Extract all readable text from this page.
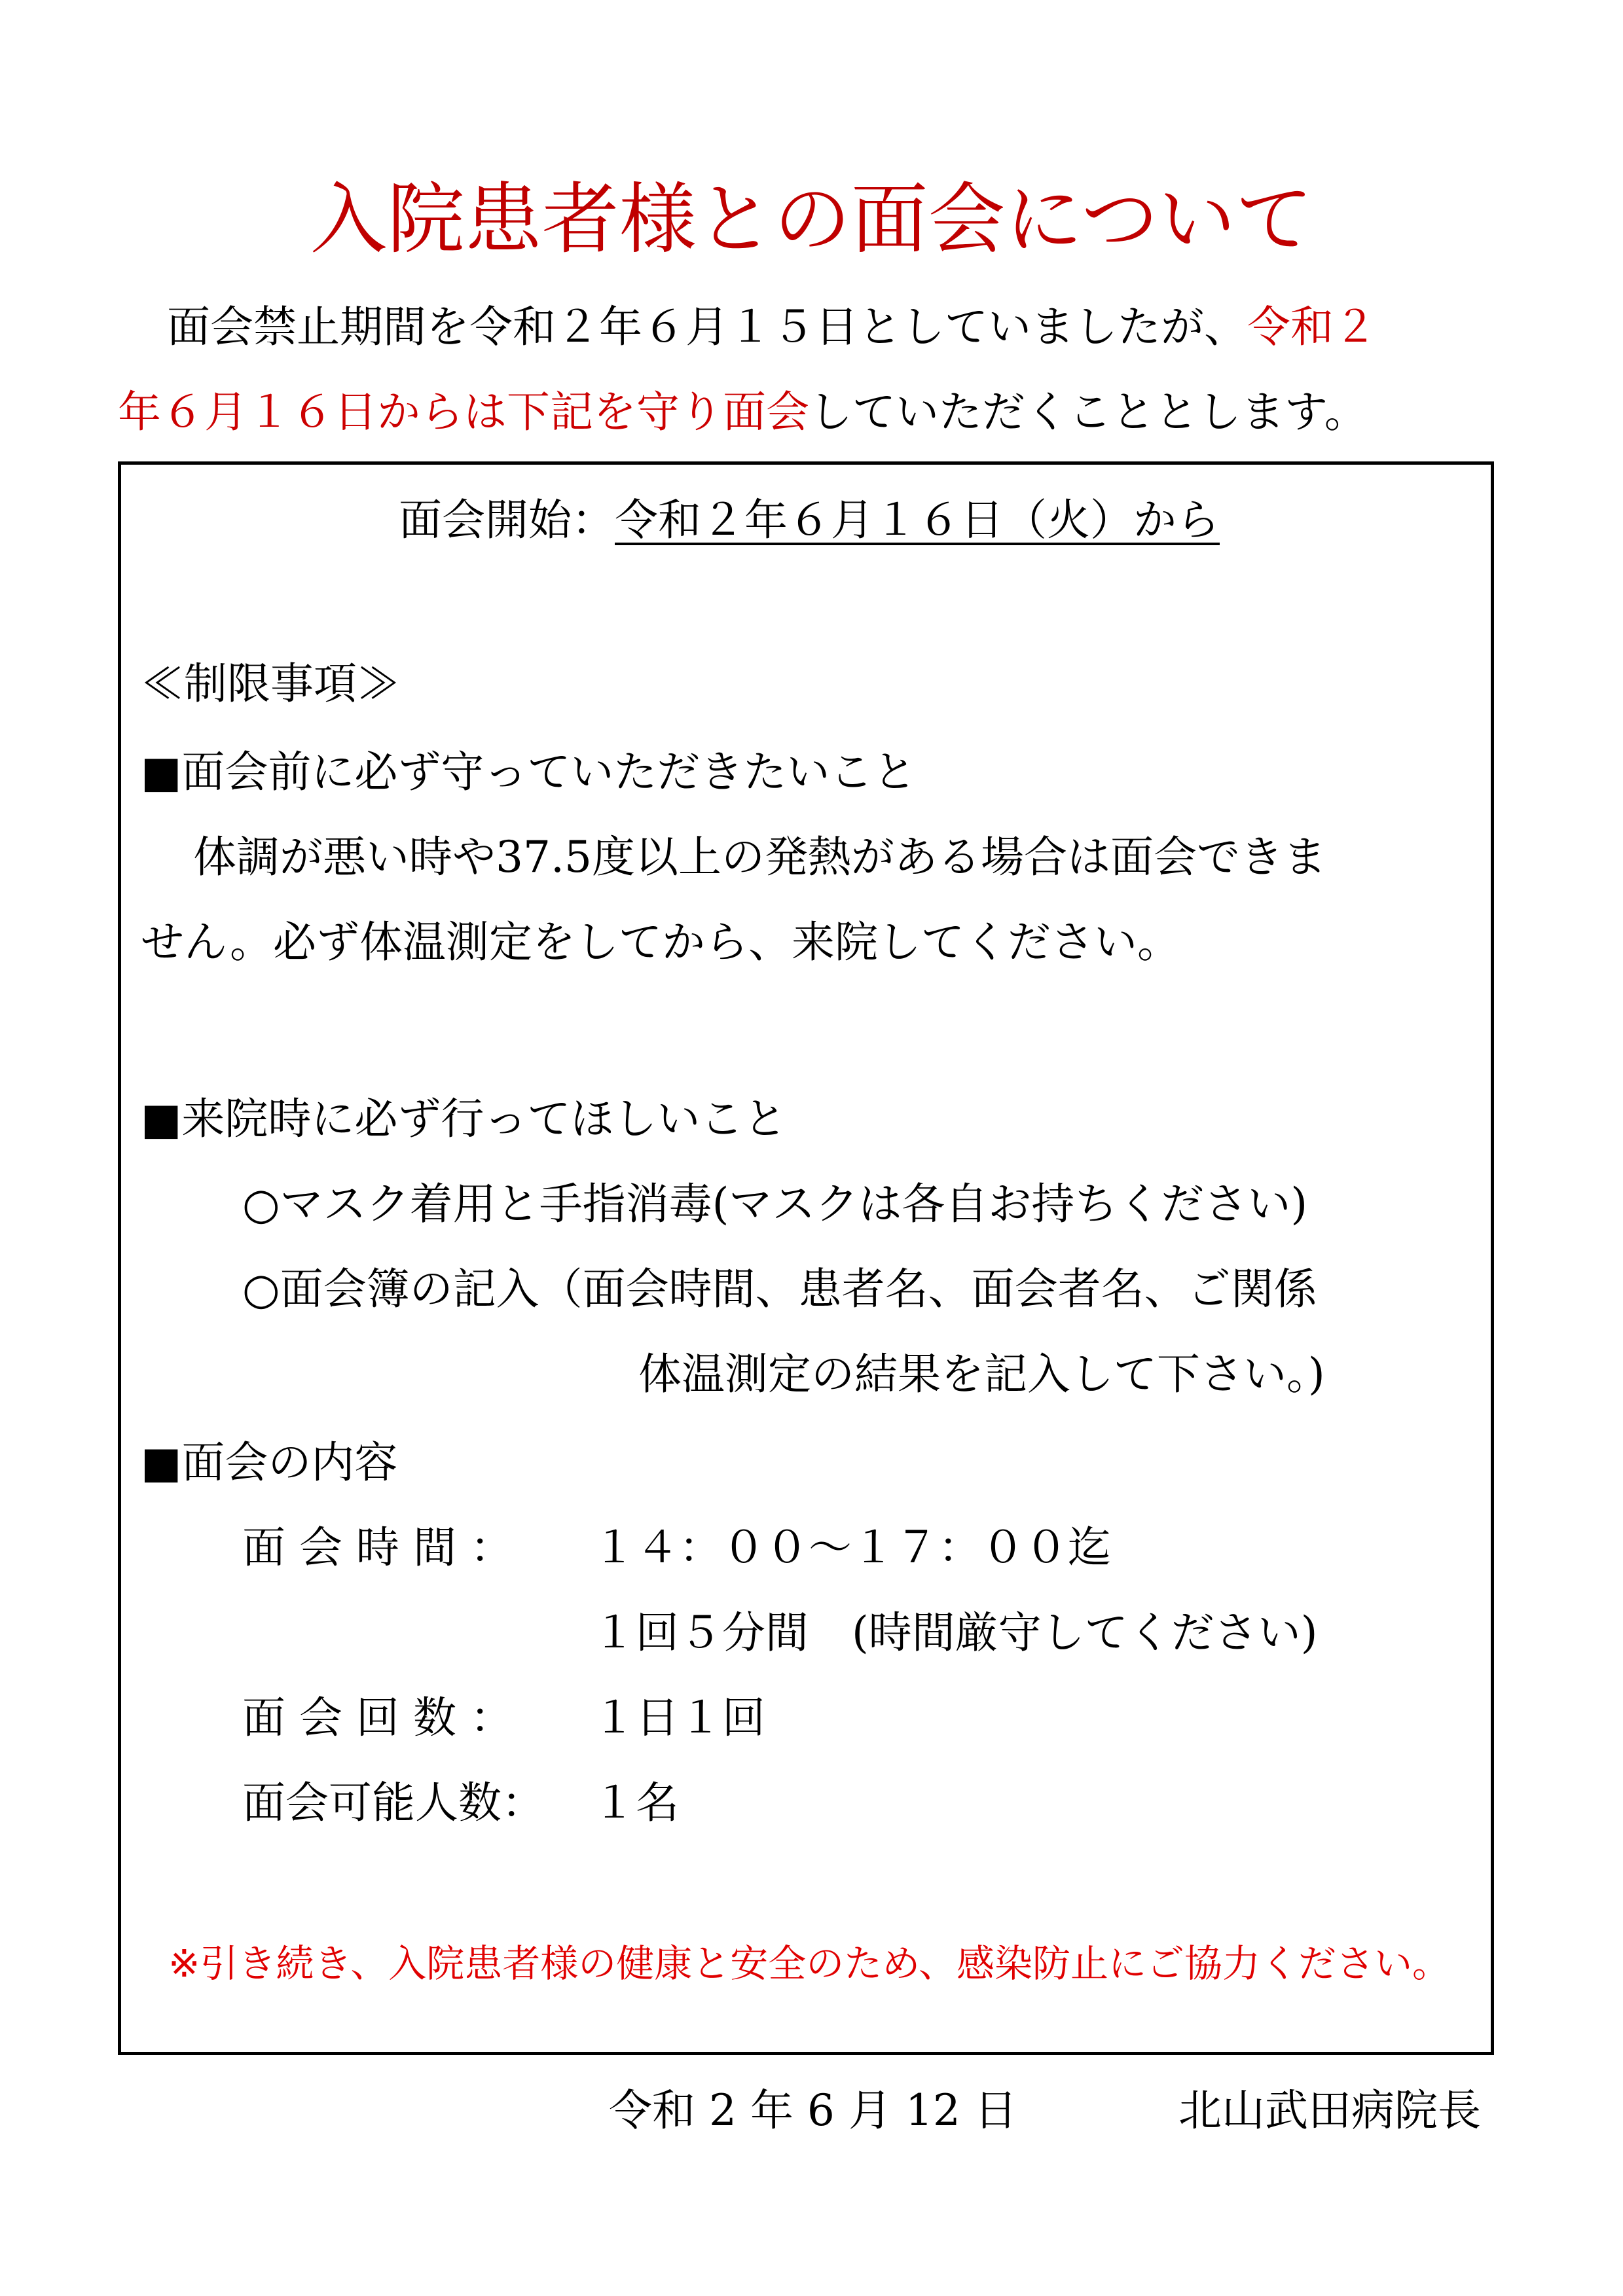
入院患者様との面会について
面会禁止期間を令和２年６月１５日としていましたが、令和２
年６月１６日からは下記を守り面会していただくこととします。
面会開始：令和２年６月１６日（火）から
≪制限事項≫
■面会前に必ず守っていただきたいこと
体調が悪い時や37.5度以上の発熱がある場合は面会できま
せん。必ず体温測定をしてから、来院してください。
■来院時に必ず行ってほしいこと
○マスク着用と手指消毒(マスクは各自お持ちください)
○面会簿の記入（面会時間、患者名、面会者名、ご関係
体温測定の結果を記入して下さい。)
■面会の内容
面 会 時 間 ： １４：００～１７：００迄
１回５分間　(時間厳守してください)
面 会 回 数 ： １日１回
面会可能人数： １名
※引き続き、入院患者様の健康と安全のため、感染防止にご協力ください。
令和 2 年 6 月 12 日	北山武田病院長
